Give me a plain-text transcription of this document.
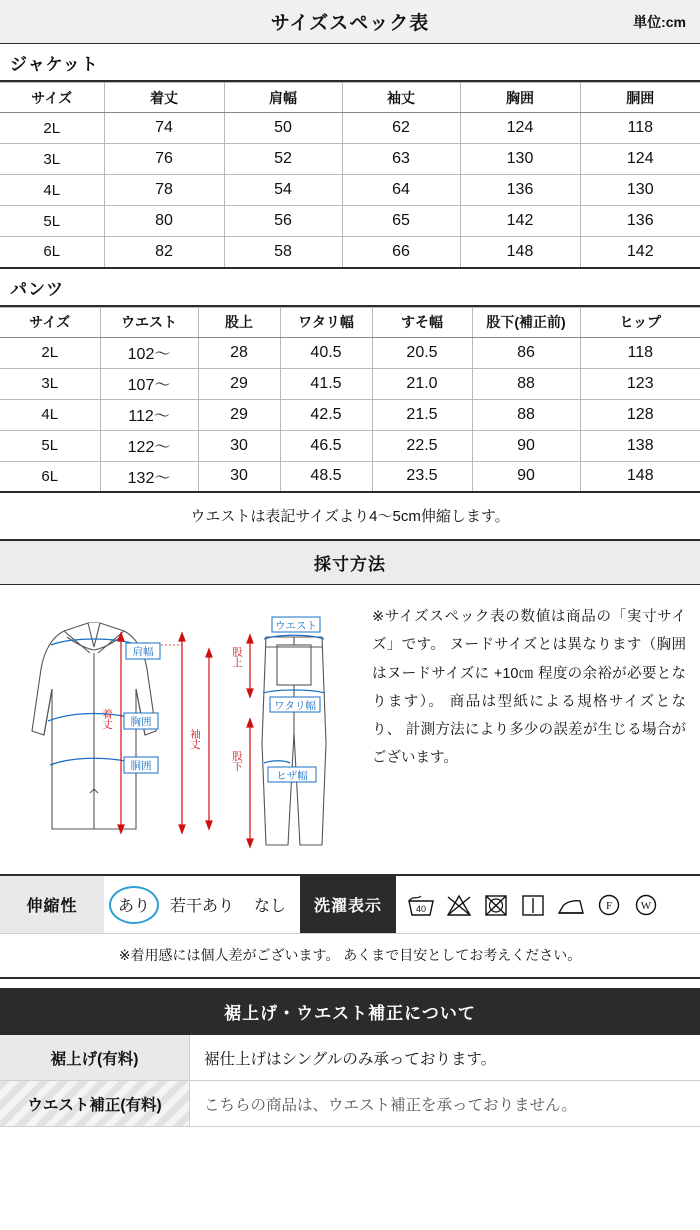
サイズスペック表	単位:cm
ジャケット
サイズ	着丈	肩幅	袖丈	胸囲	胴囲
2L	74	50	62	124	118
3L	76	52	63	130	124
4L	78	54	64	136	130
5L	80	56	65	142	136
6L	82	58	66	148	142
パンツ
サイズ	ウエスト	股上	ワタリ幅	すそ幅	股下(補正前)	ヒップ
2L	102〜	28	40.5	20.5	86	118
3L	107〜	29	41.5	21.0	88	123
4L	112〜	29	42.5	21.5	88	128
5L	122〜	30	46.5	22.5	90	138
6L	132〜	30	48.5	23.5	90	148
ウエストは表記サイズより4〜5cm伸縮します。
採寸方法
肩幅
着丈 胸囲
胴囲
袖丈
ウエスト
股上
ワタリ幅
股下
ヒザ幅
※サイズスペック表の数値は商品の「実寸サイズ」です。 ヌードサイズとは異なります（胸囲はヌードサイズに +10㎝ 程度の余裕が必要となります）。 商品は型紙による規格サイズとなり、 計測方法により多少の誤差が生じる場合がございます。
伸縮性	あり 若干あり なし	洗濯表示	40	F	W
※着用感には個人差がございます。 あくまで目安としてお考えください。
裾上げ・ウエスト補正について
裾上げ(有料)	裾仕上げはシングルのみ承っております。
ウエスト補正(有料)	こちらの商品は、ウエスト補正を承っておりません。
